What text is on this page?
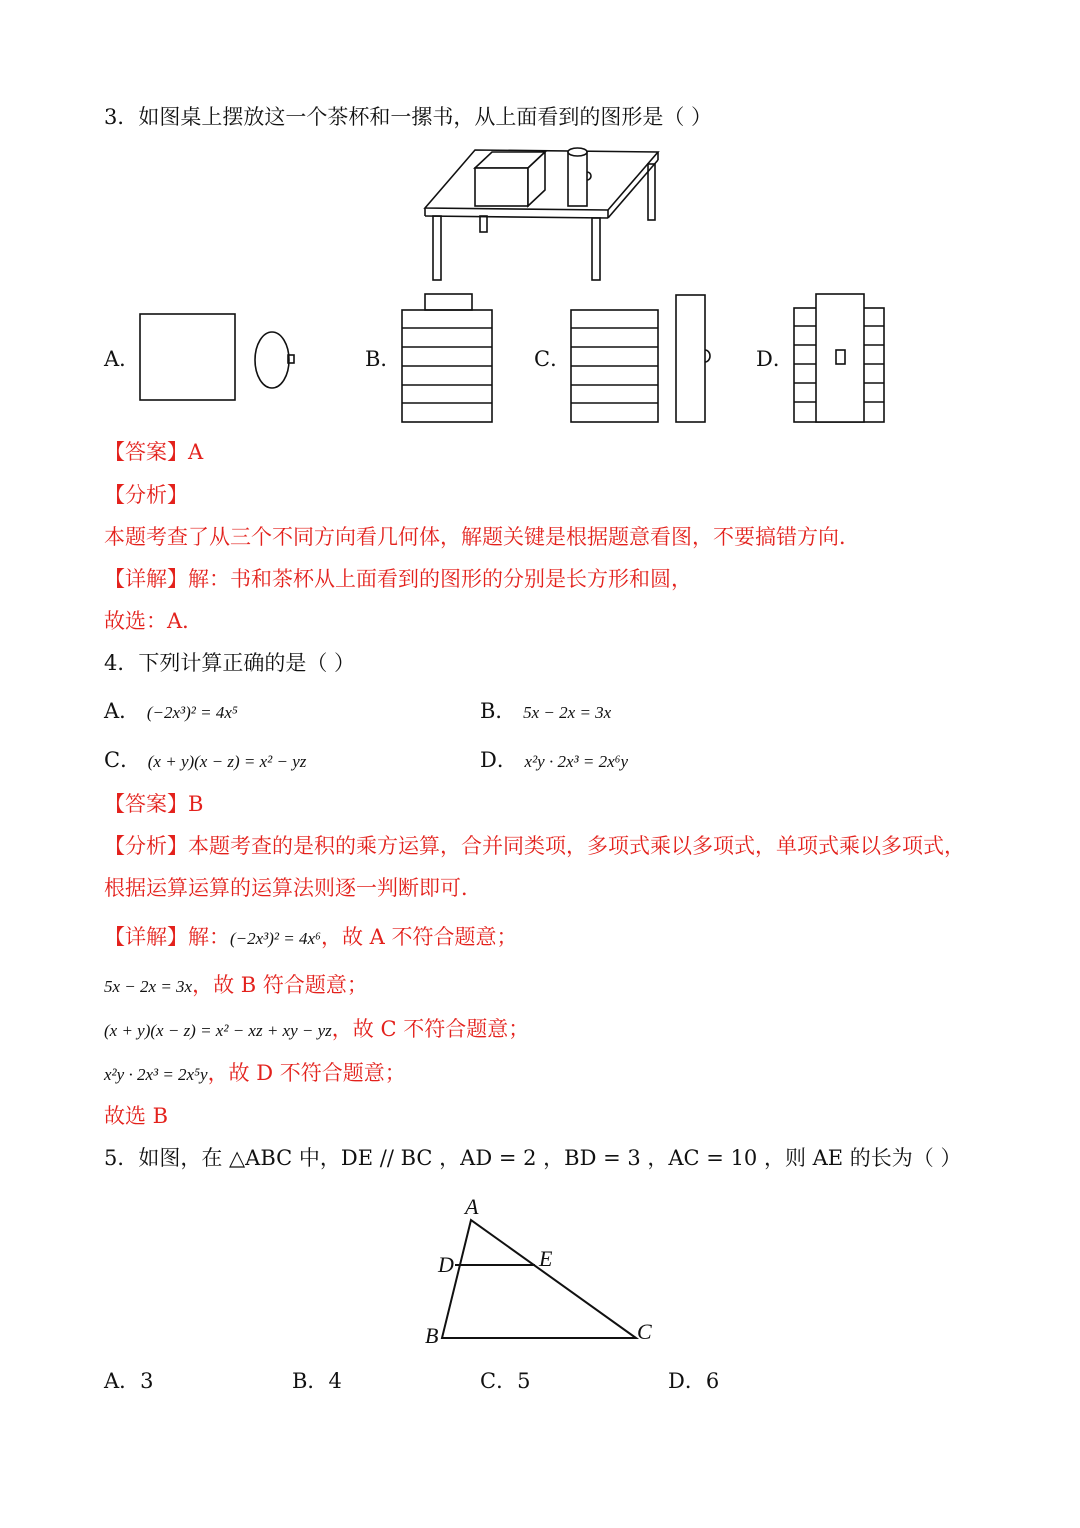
3．如图桌上摆放这一个茶杯和一摞书，从上面看到的图形是（ ）
A．	B．	C．	D．
【答案】A
【分析】
本题考查了从三个不同方向看几何体，解题关键是根据题意看图，不要搞错方向．
【详解】解：书和茶杯从上面看到的图形的分别是长方形和圆，
故选：A．
4．下列计算正确的是（ ）
A． (−2x³)² = 4x⁵	B． 5x − 2x = 3x
C． (x + y)(x − z) = x² − yz	D． x²y · 2x³ = 2x⁶y
【答案】B
【分析】本题考查的是积的乘方运算，合并同类项，多项式乘以多项式，单项式乘以多项式，
根据运算运算的运算法则逐一判断即可．
【详解】解：(−2x³)² = 4x⁶，故 A 不符合题意；
5x − 2x = 3x，故 B 符合题意；
(x + y)(x − z) = x² − xz + xy − yz，故 C 不符合题意；
x²y · 2x³ = 2x⁵y，故 D 不符合题意；
故选 B
5．如图，在 △ABC 中，DE // BC ，AD = 2 ，BD = 3 ，AC = 10 ，则 AE 的长为（ ）
A
D	E
B	C
A．3	B．4	C．5	D．6
